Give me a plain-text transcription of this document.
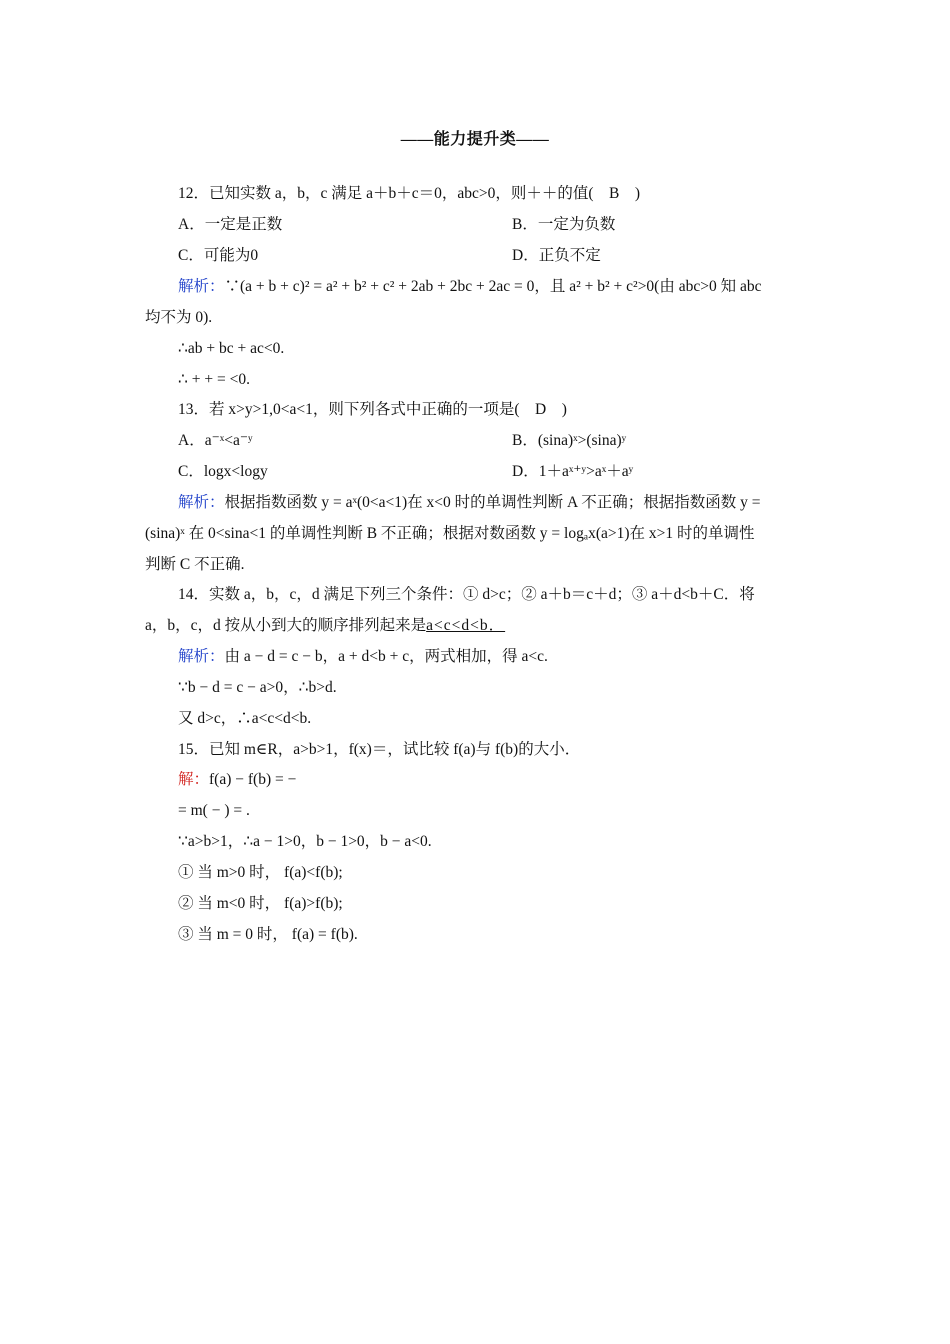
——能力提升类——
12．已知实数 a，b，c 满足 a＋b＋c＝0，abc>0，则＋＋的值(　B　)
A．一定是正数	B．一定为负数
C．可能为0	D．正负不定
解析：∵(a + b + c)² = a² + b² + c² + 2ab + 2bc + 2ac = 0，且 a² + b² + c²>0(由 abc>0 知 abc
均不为 0).
∴ab + bc + ac<0.
∴ + + = <0.
13．若 x>y>1,0<a<1，则下列各式中正确的一项是(　D　)
A．a⁻ˣ<a⁻ʸ	B．(sina)ˣ>(sina)ʸ
C．logx<logy	D．1＋aˣ⁺ʸ>aˣ＋aʸ
解析：根据指数函数 y = aˣ(0<a<1)在 x<0 时的单调性判断 A 不正确；根据指数函数 y =
(sina)ˣ 在 0<sina<1 的单调性判断 B 不正确；根据对数函数 y = logₐx(a>1)在 x>1 时的单调性
判断 C 不正确.
14．实数 a，b，c，d 满足下列三个条件：① d>c；② a＋b＝c＋d；③ a＋d<b＋C．将
a，b，c，d 按从小到大的顺序排列起来是a<c<d<b．
解析：由 a − d = c − b，a + d<b + c，两式相加，得 a<c.
∵b − d = c − a>0，∴b>d.
又 d>c，∴a<c<d<b.
15．已知 m∈R，a>b>1，f(x)＝，试比较 f(a)与 f(b)的大小．
解：f(a) − f(b) = −
= m( − ) = .
∵a>b>1，∴a − 1>0，b − 1>0，b − a<0.
① 当 m>0 时， f(a)<f(b);
② 当 m<0 时， f(a)>f(b);
③ 当 m = 0 时， f(a) = f(b).
